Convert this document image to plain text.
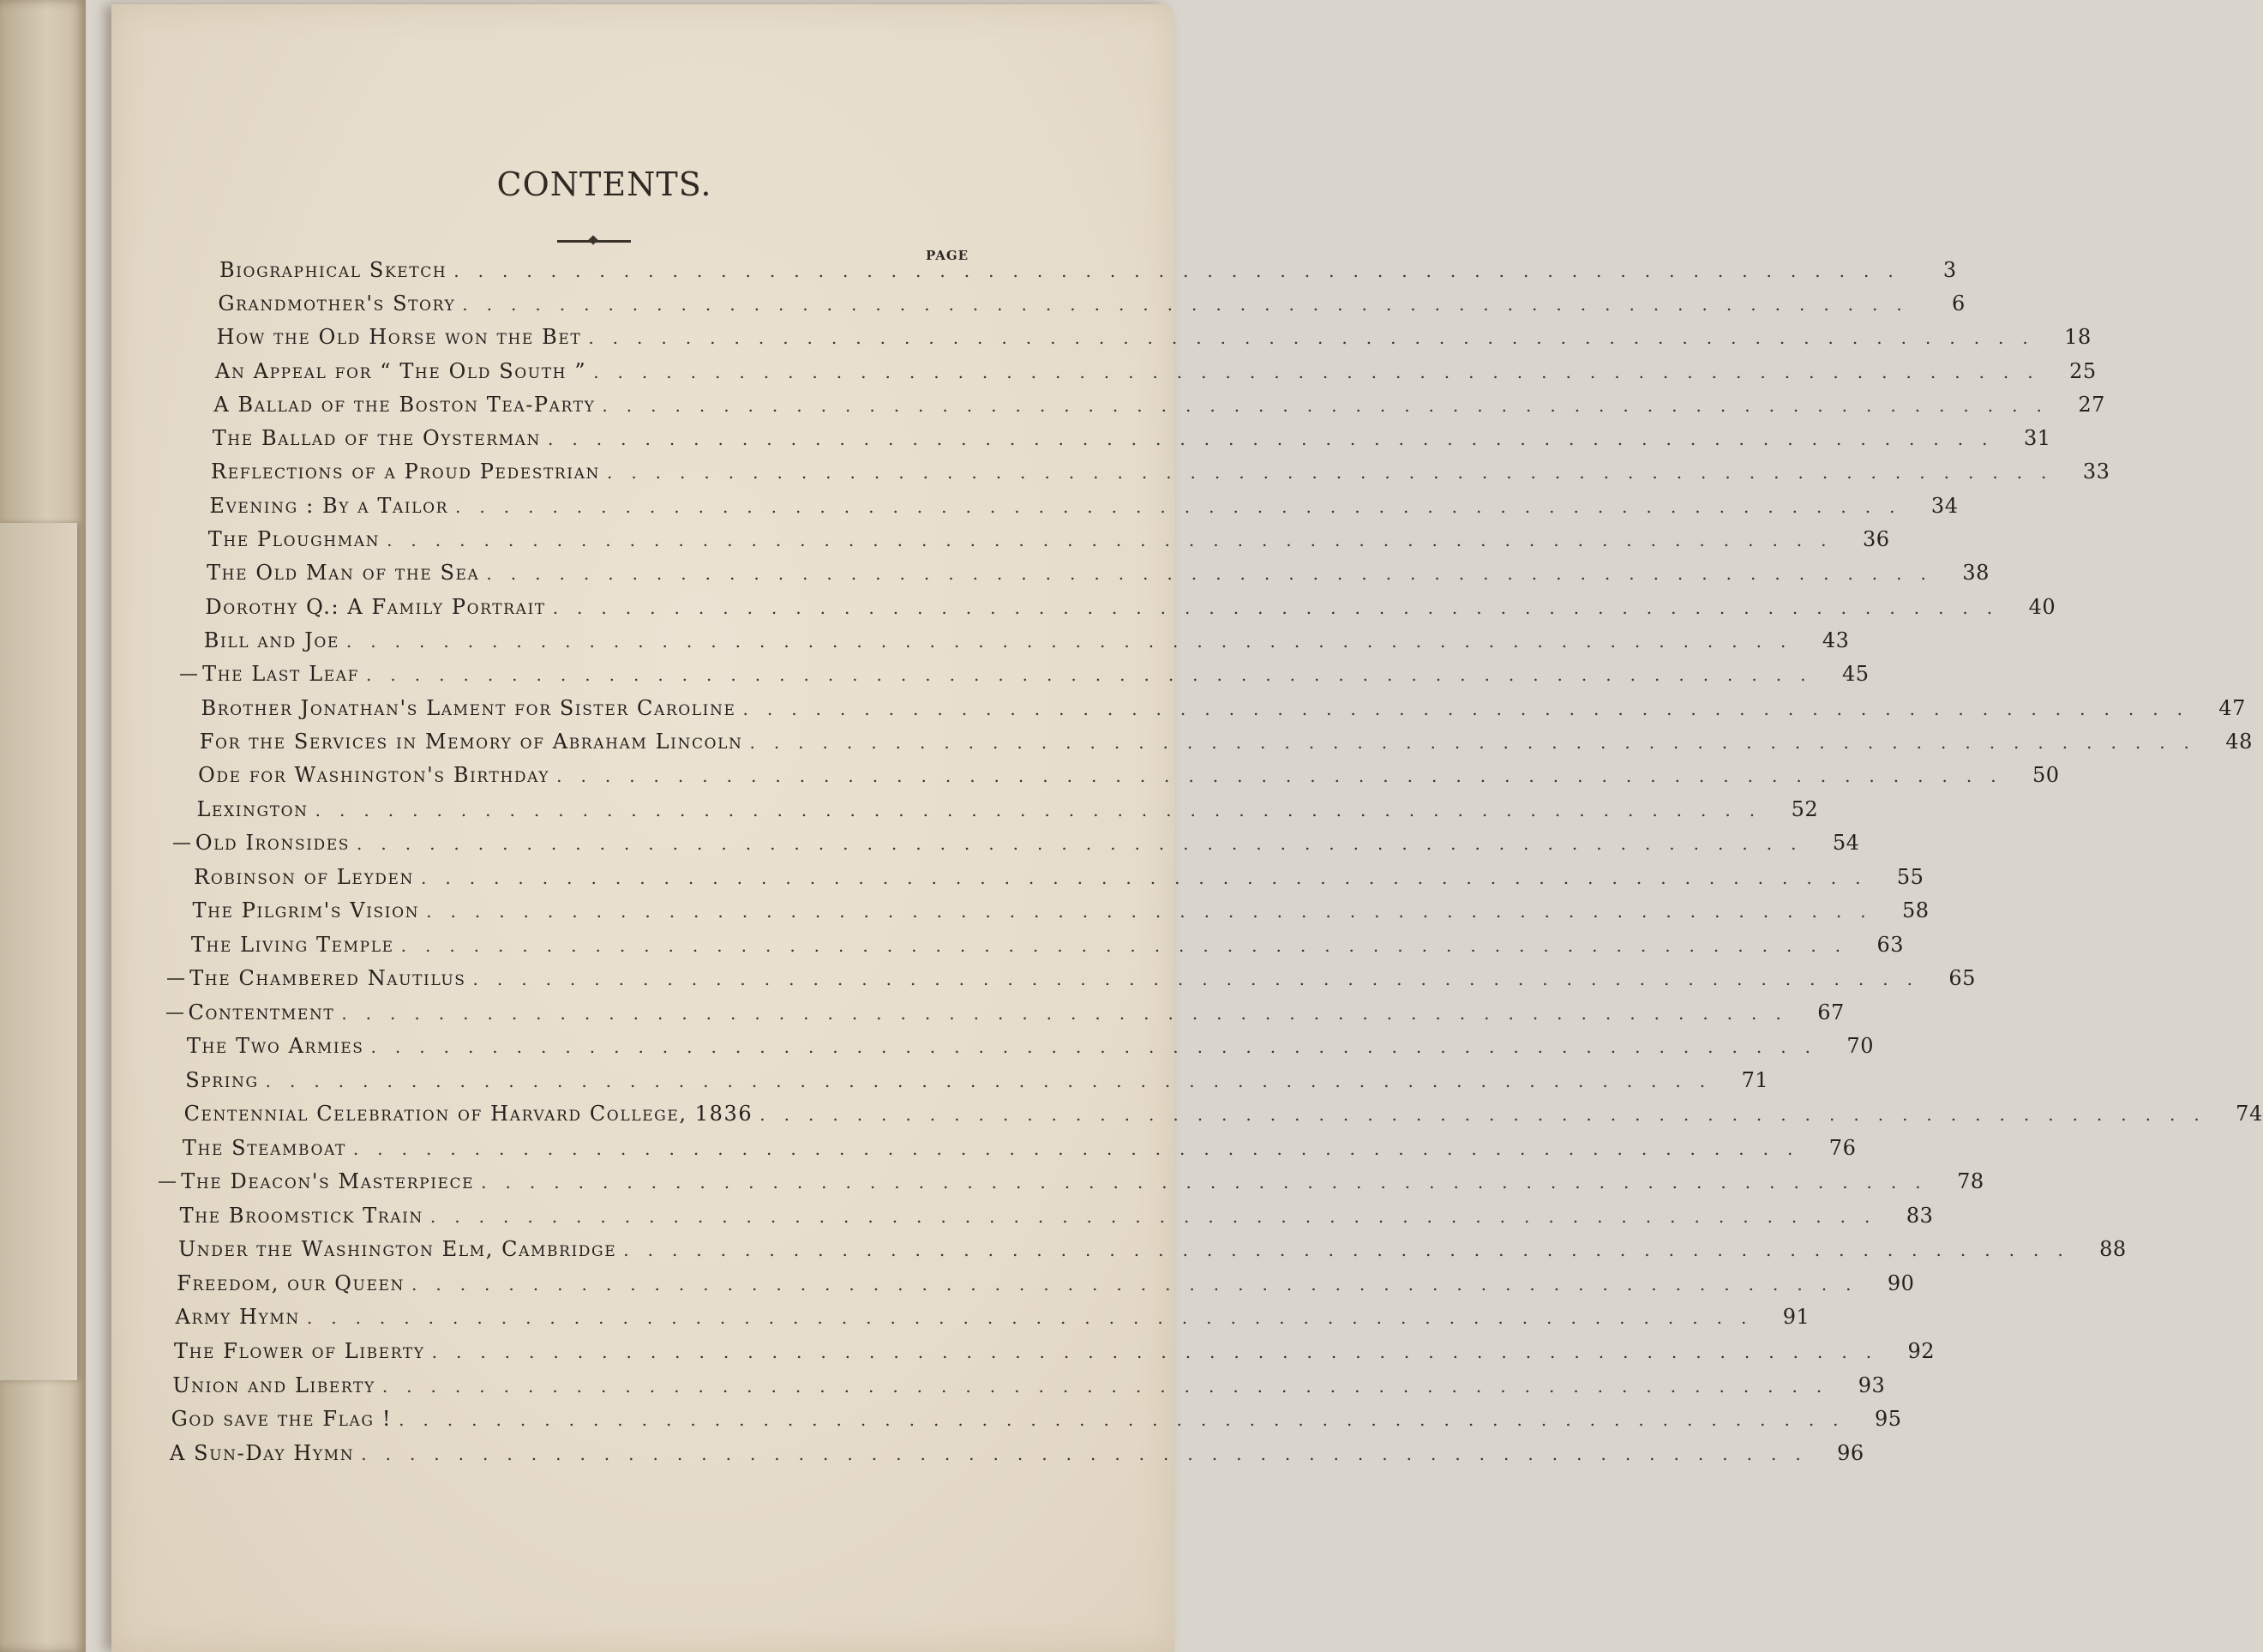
CONTENTS.
PAGE
Biographical Sketch ............................................................	3
Grandmother's Story ............................................................	6
How the Old Horse won the Bet ............................................................ 18
An Appeal for “ The Old South ” ............................................................ 25
A Ballad of the Boston Tea-Party ............................................................ 27
The Ballad of the Oysterman ............................................................ 31
Reflections of a Proud Pedestrian ............................................................ 33
Evening : By a Tailor ............................................................ 34
The Ploughman ............................................................ 36
The Old Man of the Sea ............................................................ 38
Dorothy Q.: A Family Portrait ............................................................ 40
Bill and Joe ............................................................ 43
The Last Leaf ............................................................ 45
Brother Jonathan's Lament for Sister Caroline ............................................................ 47
For the Services in Memory of Abraham Lincoln ............................................................ 48
Ode for Washington's Birthday ............................................................ 50
Lexington ............................................................ 52
Old Ironsides ............................................................ 54
Robinson of Leyden ............................................................ 55
The Pilgrim's Vision ............................................................ 58
The Living Temple ............................................................ 63
The Chambered Nautilus ............................................................ 65
Contentment ............................................................ 67
The Two Armies ............................................................ 70
Spring ............................................................ 71
Centennial Celebration of Harvard College, 1836 ............................................................ 74
The Steamboat ............................................................ 76
The Deacon's Masterpiece ............................................................ 78
The Broomstick Train ............................................................ 83
Under the Washington Elm, Cambridge ............................................................ 88
Freedom, our Queen ............................................................ 90
Army Hymn ............................................................ 91
The Flower of Liberty ............................................................ 92
Union and Liberty ............................................................ 93
God save the Flag ! ............................................................ 95
A Sun-Day Hymn ............................................................ 96
